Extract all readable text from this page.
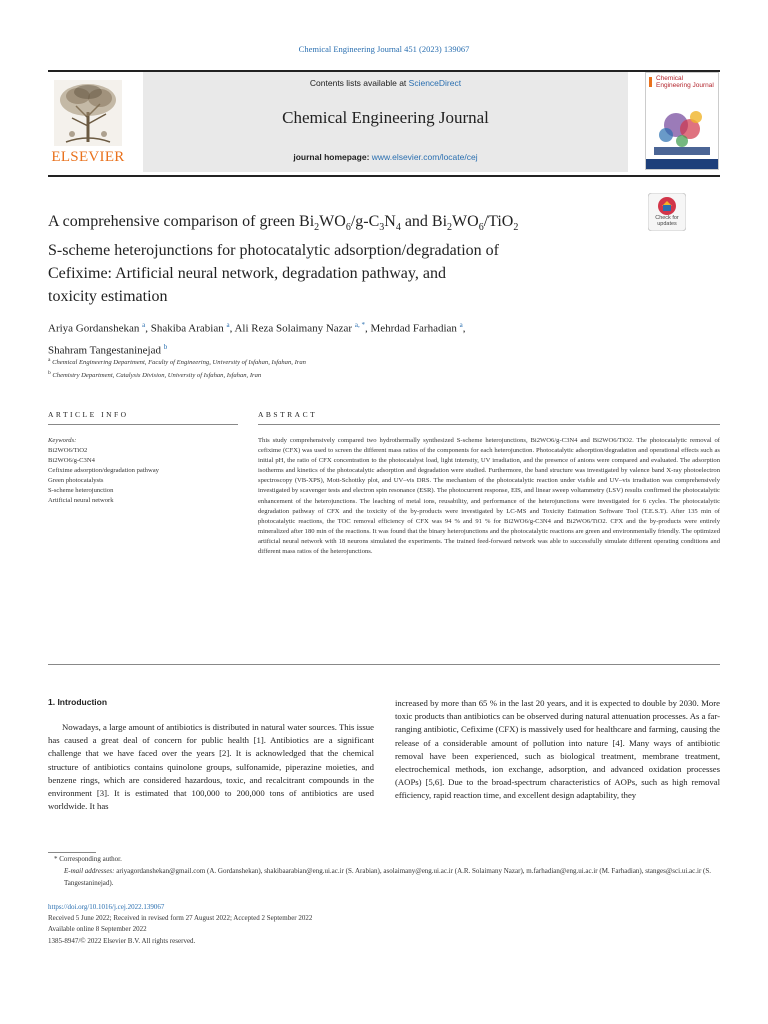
Chemical Engineering Journal 451 (2023) 139067
ELSEVIER
Contents lists available at ScienceDirect
Chemical Engineering Journal
journal homepage: www.elsevier.com/locate/cej
Chemical Engineering Journal
Check for updates
A comprehensive comparison of green $Bi_2WO_6/g-C_3N_4$ and $Bi_2WO_6/TiO_2$
S-scheme heterojunctions for photocatalytic adsorption/degradation of
Cefixime: Artificial neural network, degradation pathway, and
toxicity estimation
Ariya Gordanshekan $^a$, Shakiba Arabian $^a$, Ali Reza Solaimany Nazar $^{a, *}$, Mehrdad Farhadian $^a$,
Shahram Tangestaninejad $^b$
$^a$ Chemical Engineering Department, Faculty of Engineering, University of Isfahan, Isfahan, Iran
$^b$ Chemistry Department, Catalysis Division, University of Isfahan, Isfahan, Iran
ARTICLE INFO	ABSTRACT
Keywords:
Bi2WO6/TiO2
Bi2WO6/g-C3N4
Cefixime adsorption/degradation pathway
Green photocatalysts
S-scheme heterojunction
Artificial neural network
This study comprehensively compared two hydrothermally synthesized S-scheme heterojunctions, Bi2WO6/g-C3N4 and Bi2WO6/TiO2. The photocatalytic removal of cefixime (CFX) was used to screen the different mass ratios of the components for each heterojunction. Photocatalytic adsorption/degradation and operational effects such as initial pH, the ratio of CFX concentration to the photocatalyst load, light intensity, UV irradiation, and the presence of anions were compared and evaluated. The adsorption isotherms and kinetics of the photocatalytic adsorption and degradation were studied. Furthermore, the band structure was investigated by valence band X-ray photoelectron spectroscopy (VB-XPS), Mott-Schottky plot, and UV–vis DRS. The mechanism of the photocatalytic reaction under visible and UV–vis irradiation was comprehensively investigated by scavenger tests and electron spin resonance (ESR). The photocurrent response, EIS, and linear sweep voltammetry (LSV) results confirmed the photocatalytic enhancement of the heterojunctions. The leaching of metal ions, reusability, and performance of the heterojunctions were investigated for 6 cycles. The photocatalytic degradation pathway of CFX and the toxicity of the by-products were investigated by LC-MS and Toxicity Estimation Software Tool (T.E.S.T). After 135 min of photocatalytic reactions, the TOC removal efficiency of CFX was 94 % and 91 % for Bi2WO6/g-C3N4 and Bi2WO6/TiO2. CFX and the by-products were entirely mineralized after 180 min of the reactions. It was found that the binary heterojunctions and the photocatalytic reactions are green and environmentally friendly. The optimized artificial neural network with 18 neurons simulated the experiments. The trained feed-forward network was able to successfully simulate different operating conditions and different mass ratios of the heterojunctions.
1. Introduction
Nowadays, a large amount of antibiotics is distributed in natural water sources. This issue has caused a great deal of concern for public health [1]. Antibiotics are a significant challenge that we have faced over the years [2]. It is acknowledged that the chemical structure of antibiotics contains quinolone groups, sulfonamide, piperazine moieties, and benzene rings, which are considered hazardous, toxic, and recalcitrant compounds in the environment [3]. It is estimated that 100,000 to 200,000 tons of antibiotics are used worldwide. It has
increased by more than 65 % in the last 20 years, and it is expected to double by 2030. More toxic products than antibiotics can be observed during natural attenuation processes. As a far-ranging antibiotic, Cefixime (CFX) is massively used for healthcare and farming, causing the release of a considerable amount of pollution into nature [4]. Many ways of antibiotic removal have been experienced, such as biological treatment, membrane treatment, electrochemical methods, ion exchange, adsorption, and advanced oxidation processes (AOPs) [5,6]. Due to the broad-spectrum characteristics of AOPs, such as high removal efficiency, rapid reaction time, and excellent design adaptability, they
* Corresponding author.
E-mail addresses: ariyagordanshekan@gmail.com (A. Gordanshekan), shakibaarabian@eng.ui.ac.ir (S. Arabian), asolaimany@eng.ui.ac.ir (A.R. Solaimany Nazar), m.farhadian@eng.ui.ac.ir (M. Farhadian), stanges@sci.ui.ac.ir (S. Tangestaninejad).
https://doi.org/10.1016/j.cej.2022.139067
Received 5 June 2022; Received in revised form 27 August 2022; Accepted 2 September 2022
Available online 8 September 2022
1385-8947/© 2022 Elsevier B.V. All rights reserved.
